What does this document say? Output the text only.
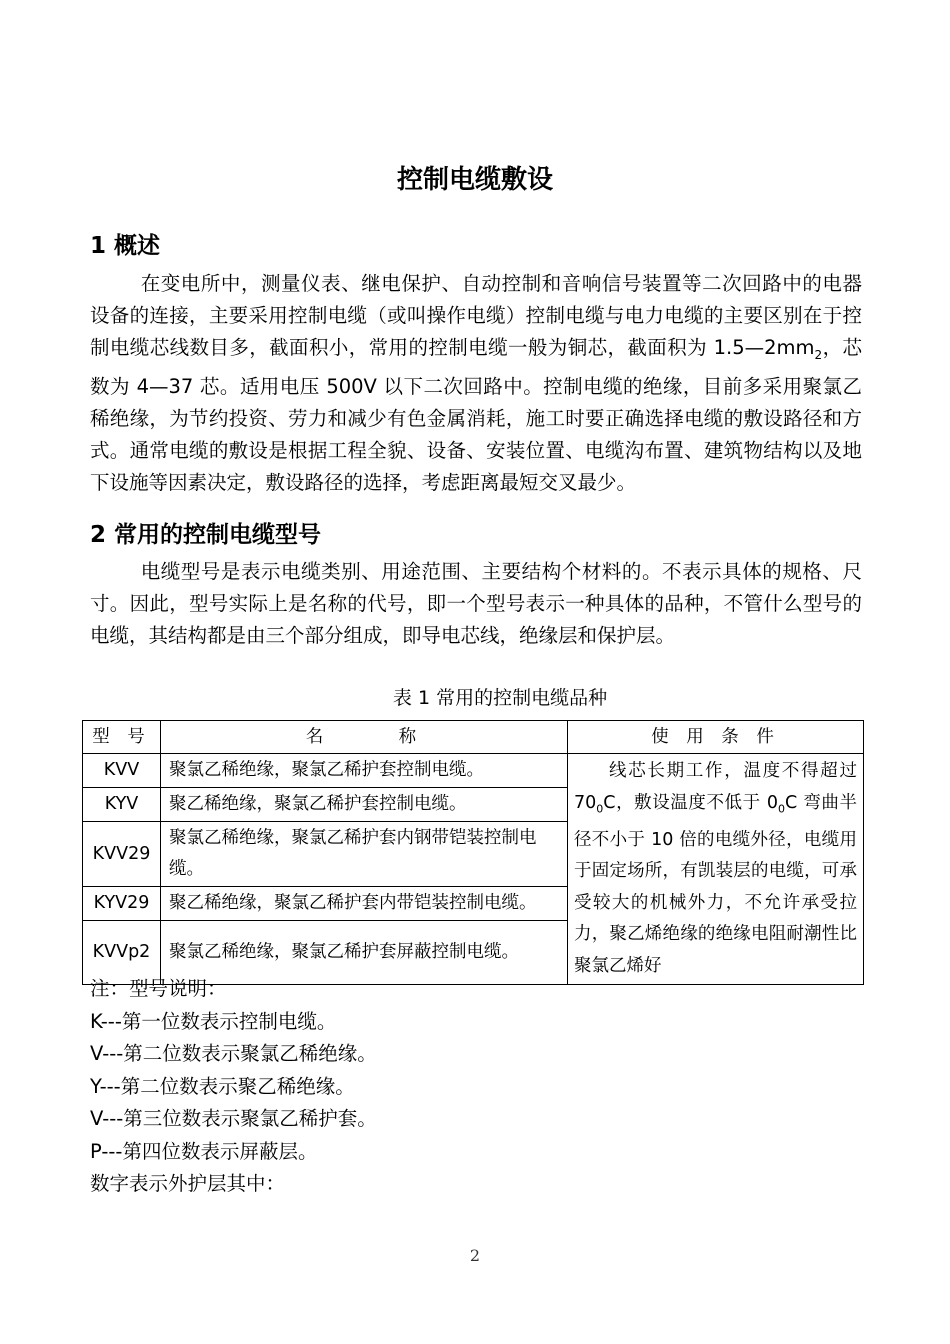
控制电缆敷设
1 概述

在变电所中，测量仪表、继电保护、自动控制和音响信号装置等二次回路中的电器设备的连接，主要采用控制电缆（或叫操作电缆）控制电缆与电力电缆的主要区别在于控制电缆芯线数目多，截面积小，常用的控制电缆一般为铜芯，截面积为 $1.5—2mm_2$，芯数为 4—37 芯。适用电压 500V 以下二次回路中。控制电缆的绝缘，目前多采用聚氯乙稀绝缘，为节约投资、劳力和减少有色金属消耗，施工时要正确选择电缆的敷设路径和方式。通常电缆的敷设是根据工程全貌、设备、安装位置、电缆沟布置、建筑物结构以及地下设施等因素决定，敷设路径的选择，考虑距离最短交叉最少。

2 常用的控制电缆型号

电缆型号是表示电缆类别、用途范围、主要结构个材料的。不表示具体的规格、尺寸。因此，型号实际上是名称的代号，即一个型号表示一种具体的品种，不管什么型号的电缆，其结构都是由三个部分组成，即导电芯线，绝缘层和保护层。

表 1 常用的控制电缆品种
型 号	名      称	使 用 条 件
KVV	聚氯乙稀绝缘，聚氯乙稀护套控制电缆。	线芯长期工作，温度不得超过 $70_0C$，敷设温度不低于 $0_0C$ 弯曲半径不小于 10 倍的电缆外径，电缆用于固定场所，有凯装层的电缆，可承受较大的机械外力，不允许承受拉力，聚乙烯绝缘的绝缘电阻耐潮性比聚氯乙烯好
KYV	聚乙稀绝缘，聚氯乙稀护套控制电缆。	
KVV29	聚氯乙稀绝缘，聚氯乙稀护套内钢带铠装控制电缆。	
KYV29	聚乙稀绝缘，聚氯乙稀护套内带铠装控制电缆。	
KVVp2	聚氯乙稀绝缘，聚氯乙稀护套屏蔽控制电缆。	
注：型号说明：
K---第一位数表示控制电缆。
V---第二位数表示聚氯乙稀绝缘。
Y---第二位数表示聚乙稀绝缘。
V---第三位数表示聚氯乙稀护套。
P---第四位数表示屏蔽层。
数字表示外护层其中：
2
